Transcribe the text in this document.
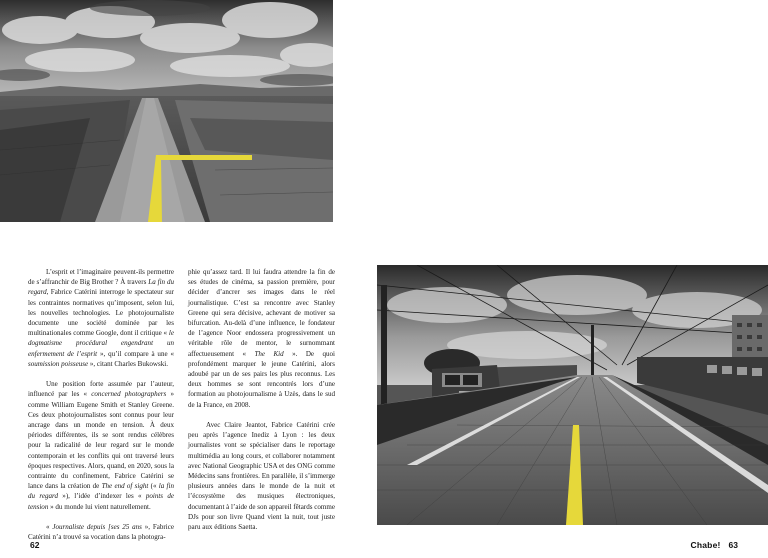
L’esprit et l’imaginaire peuvent-ils permettre de s’affranchir de Big Brother ? À travers La fin du regard, Fabrice Catérini interroge le spectateur sur les contraintes normatives qu’imposent, selon lui, les nouvelles technologies. Le photojournaliste documente une société dominée par les multinationales comme Google, dont il critique « le dogmatisme procédural engendrant un enfermement de l’esprit », qu’il compare à une « soumission poisseuse », citant Charles Bukowski.

Une position forte assumée par l’auteur, influencé par les « concerned photographers » comme William Eugene Smith et Stanley Greene. Ces deux photojournalistes sont connus pour leur ancrage dans un monde en tension. À deux périodes différentes, ils se sont rendus célèbres pour la radicalité de leur regard sur le monde contemporain et les conflits qui ont traversé leurs époques respectives. Alors, quand, en 2020, sous la contrainte du confinement, Fabrice Catérini se lance dans la création de The end of sight (« la fin du regard »), l’idée d’indexer les « points de tension » du monde lui vient naturellement.

« Journaliste depuis [ses 25 ans », Fabrice Catérini n’a trouvé sa vocation dans la photogra-

phie qu’assez tard. Il lui faudra attendre la fin de ses études de cinéma, sa passion première, pour décider d’ancrer ses images dans le réel journalistique. C’est sa rencontre avec Stanley Greene qui sera décisive, achevant de motiver sa bifurcation. Au-delà d’une influence, le fondateur de l’agence Noor endossera progressivement un véritable rôle de mentor, le surnommant affectueusement « The Kid ». De quoi profondément marquer le jeune Catérini, alors adoubé par un de ses pairs les plus reconnus. Les deux hommes se sont rencontrés lors d’une formation au photojournalisme à Uzès, dans le sud de la France, en 2008.

Avec Claire Jeantot, Fabrice Catérini crée peu après l’agence Inediz à Lyon : les deux journalistes vont se spécialiser dans le reportage multimédia au long cours, et collaborer notamment avec National Geographic USA et des ONG comme Médecins sans frontières. En parallèle, il s’immerge plusieurs années dans le monde de la nuit et l’écosystème des musiques électroniques, documentant à l’aide de son appareil fêtards comme DJs pour son livre Quand vient la nuit, tout juste paru aux éditions Saetta.

62	Chabe! 63
